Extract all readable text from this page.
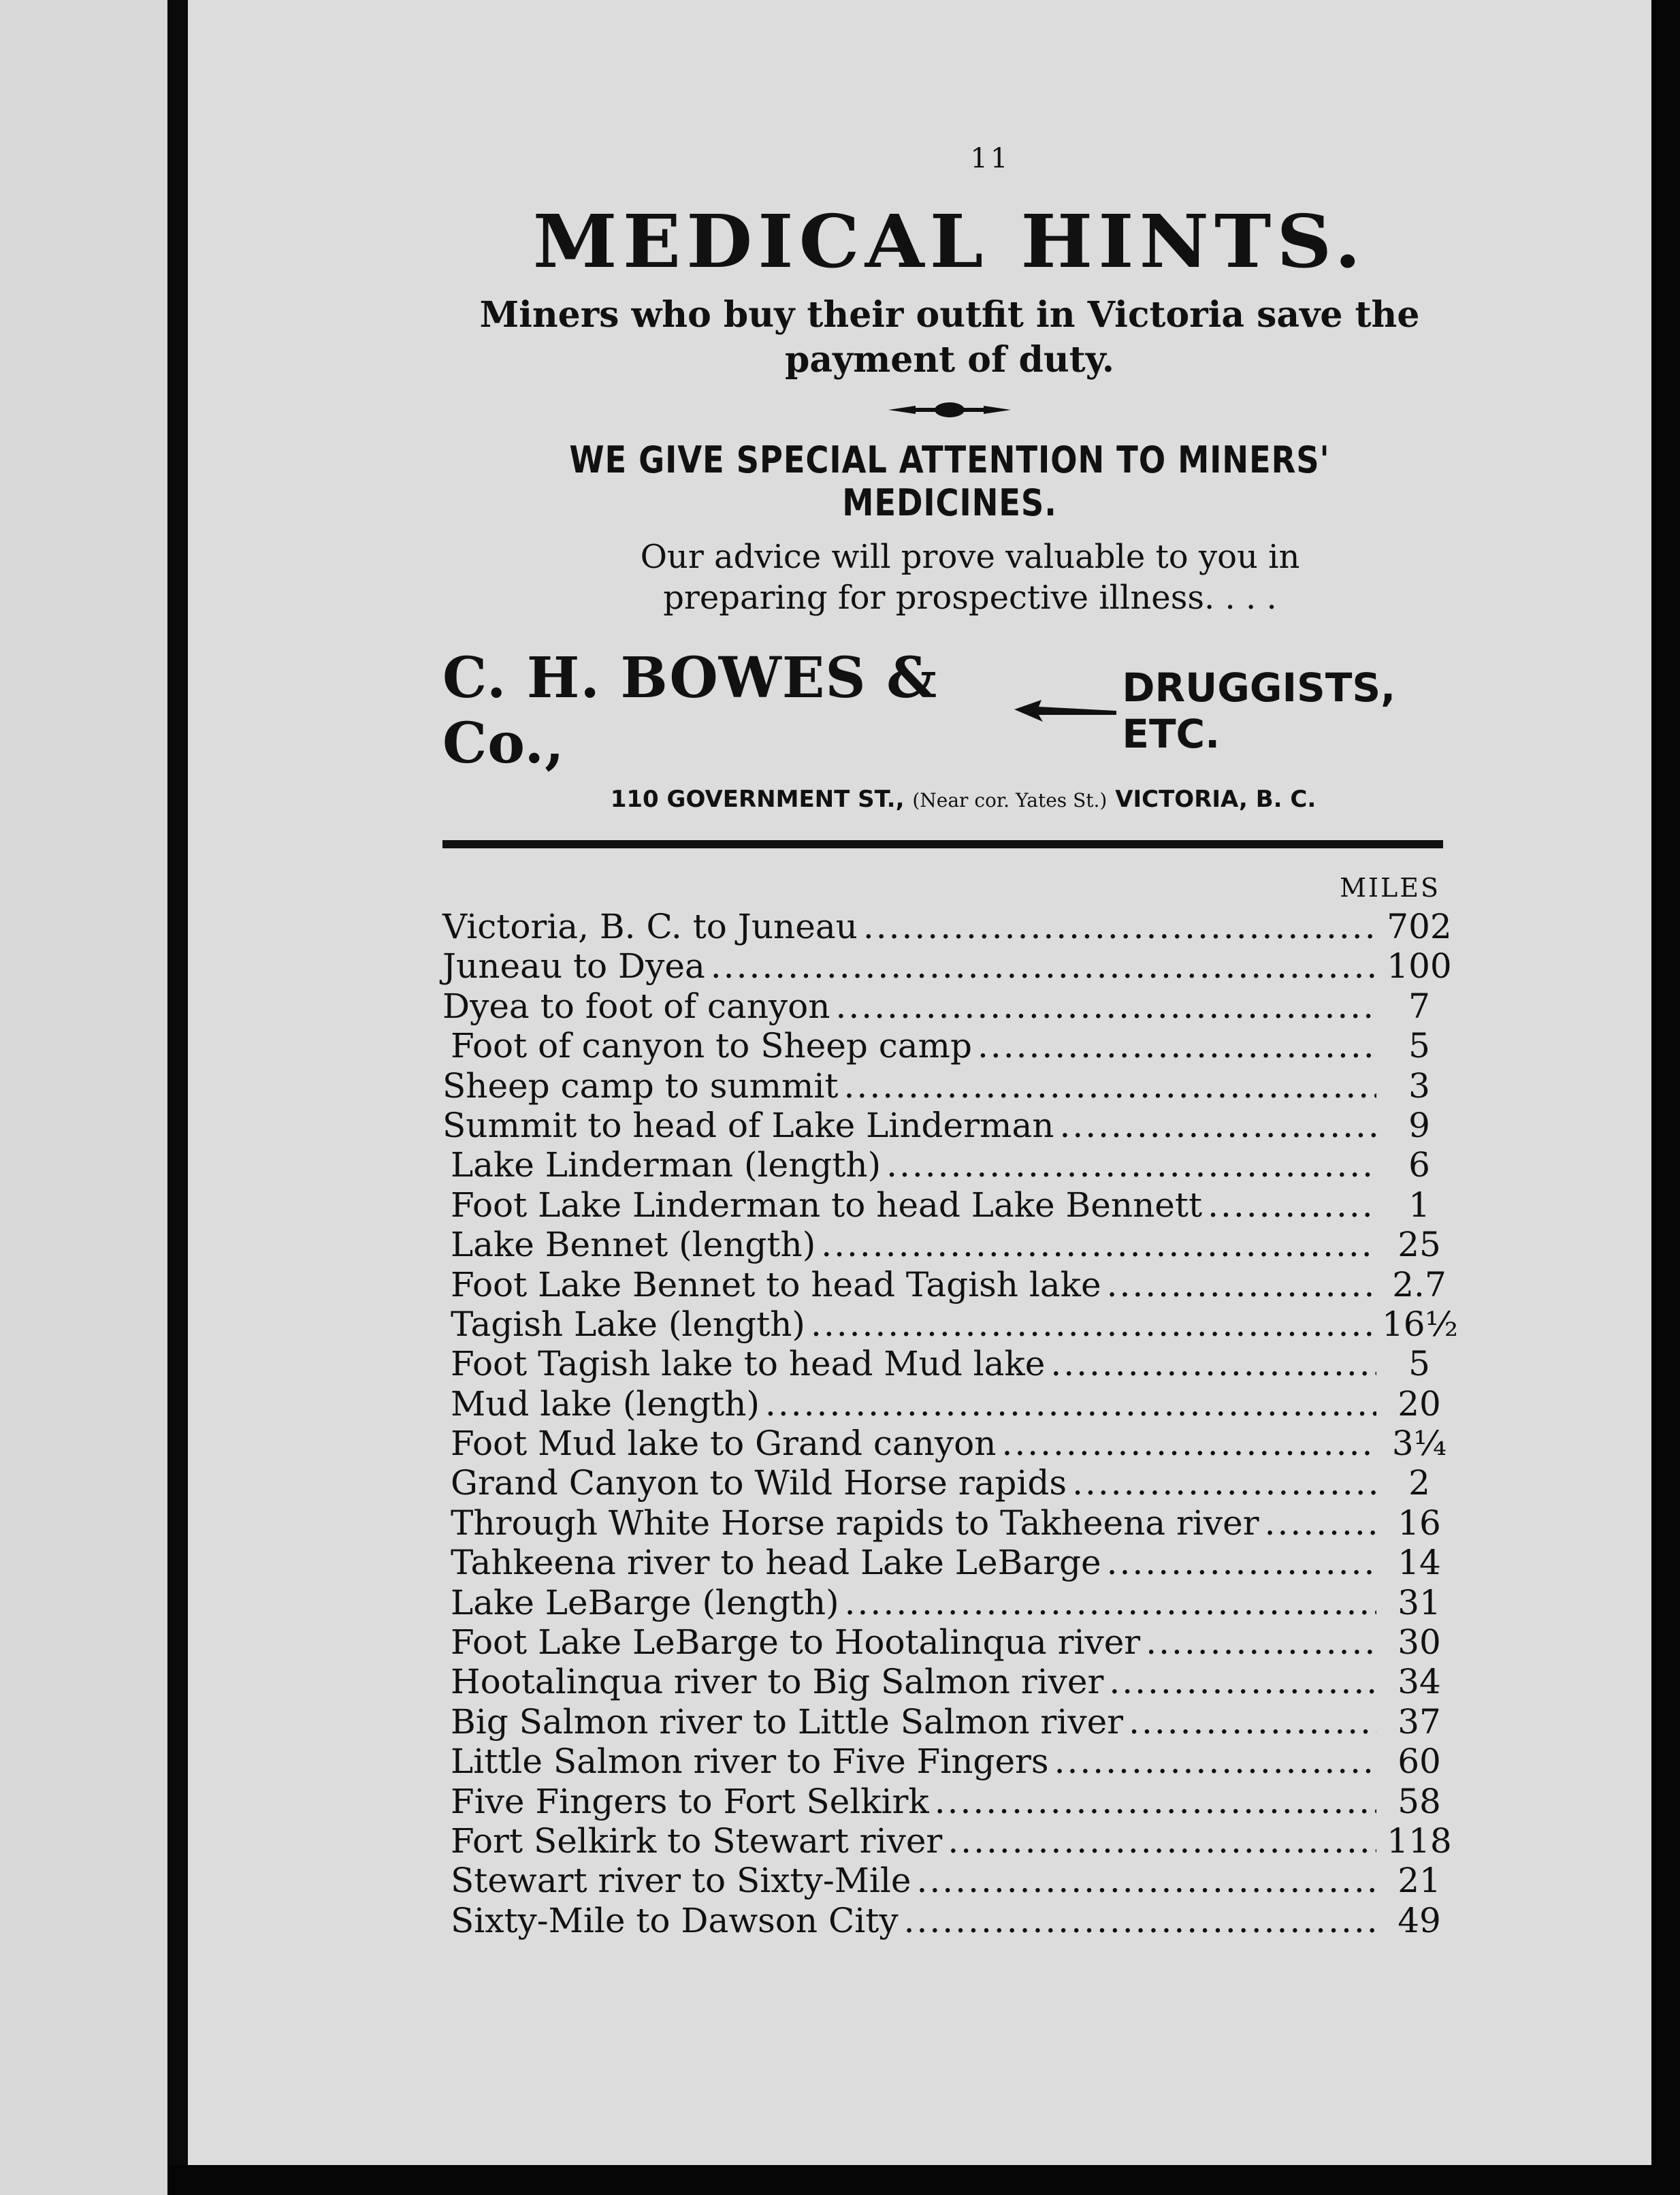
11
MEDICAL HINTS.
Miners who buy their outfit in Victoria save the payment of duty.
WE GIVE SPECIAL ATTENTION TO MINERS' MEDICINES.
Our advice will prove valuable to you in
preparing for prospective illness. . . .
C. H. BOWES & Co.,
DRUGGISTS, ETC.
110 GOVERNMENT ST., (Near cor. Yates St.) VICTORIA, B. C.
MILES
Victoria, B. C. to Juneau .....	702
Juneau to Dyea .....	100
Dyea to foot of canyon .....	7
Foot of canyon to Sheep camp .....	5
Sheep camp to summit .....	3
Summit to head of Lake Linderman .....	9
Lake Linderman (length) .....	6
Foot Lake Linderman to head Lake Bennett .....	1
Lake Bennet (length) .....	25
Foot Lake Bennet to head Tagish lake .....	2.7
Tagish Lake (length) .....	16½
Foot Tagish lake to head Mud lake .....	5
Mud lake (length) .....	20
Foot Mud lake to Grand canyon .....	3¼
Grand Canyon to Wild Horse rapids .....	2
Through White Horse rapids to Takheena river .....	16
Tahkeena river to head Lake LeBarge .....	14
Lake LeBarge (length) .....	31
Foot Lake LeBarge to Hootalinqua river .....	30
Hootalinqua river to Big Salmon river .....	34
Big Salmon river to Little Salmon river .....	37
Little Salmon river to Five Fingers .....	60
Five Fingers to Fort Selkirk .....	58
Fort Selkirk to Stewart river .....	118
Stewart river to Sixty-Mile .....	21
Sixty-Mile to Dawson City .....	49
